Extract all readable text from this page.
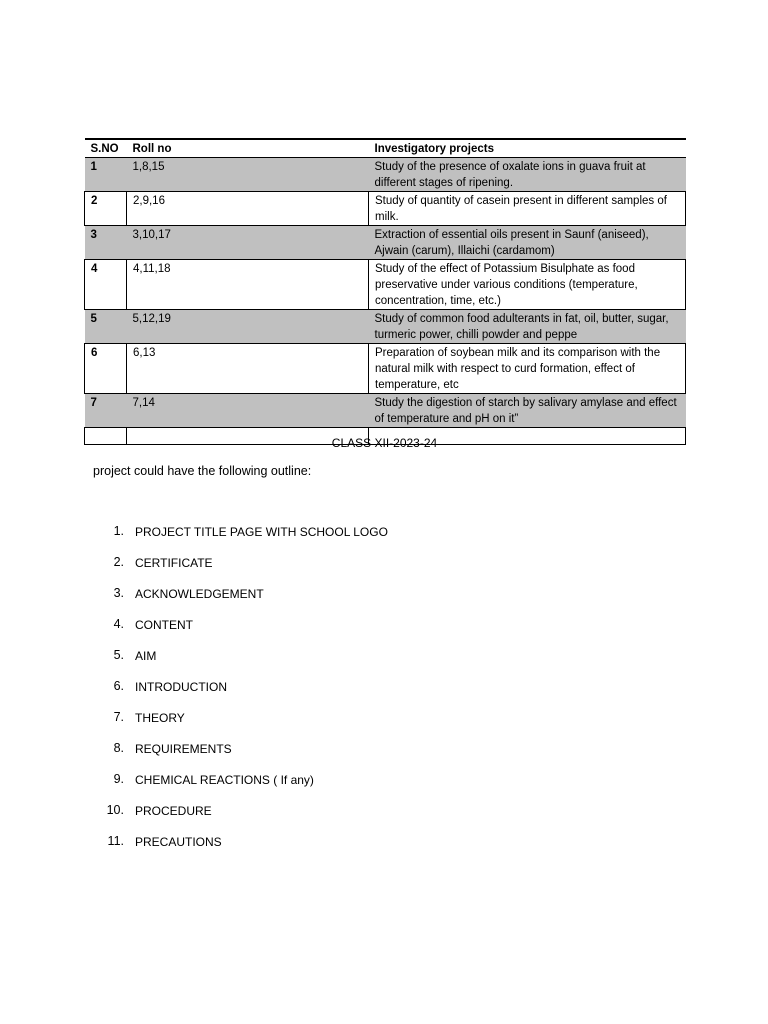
S.NO	Roll no	Investigatory projects
1	1,8,15	Study of the presence of oxalate ions in guava fruit at different stages of ripening.
2	2,9,16	Study of quantity of casein present in different samples of milk.
3	3,10,17	Extraction of essential oils present in Saunf (aniseed), Ajwain (carum), Illaichi (cardamom)
4	4,11,18	Study of the effect of Potassium Bisulphate as food preservative under various conditions (temperature, concentration, time, etc.)
5	5,12,19	Study of common food adulterants in fat, oil, butter, sugar, turmeric power, chilli powder and peppe
6	6,13	Preparation of soybean milk and its comparison with the natural milk with respect to curd formation, effect of temperature, etc
7	7,14	Study the digestion of starch by salivary amylase and effect of temperature and pH on it”

CLASS XII-2023-24
project could have the following outline:
1. PROJECT TITLE PAGE WITH SCHOOL LOGO
2. CERTIFICATE
3. ACKNOWLEDGEMENT
4. CONTENT
5. AIM
6. INTRODUCTION
7. THEORY
8. REQUIREMENTS
9. CHEMICAL REACTIONS ( If any)
10. PROCEDURE
11. PRECAUTIONS
